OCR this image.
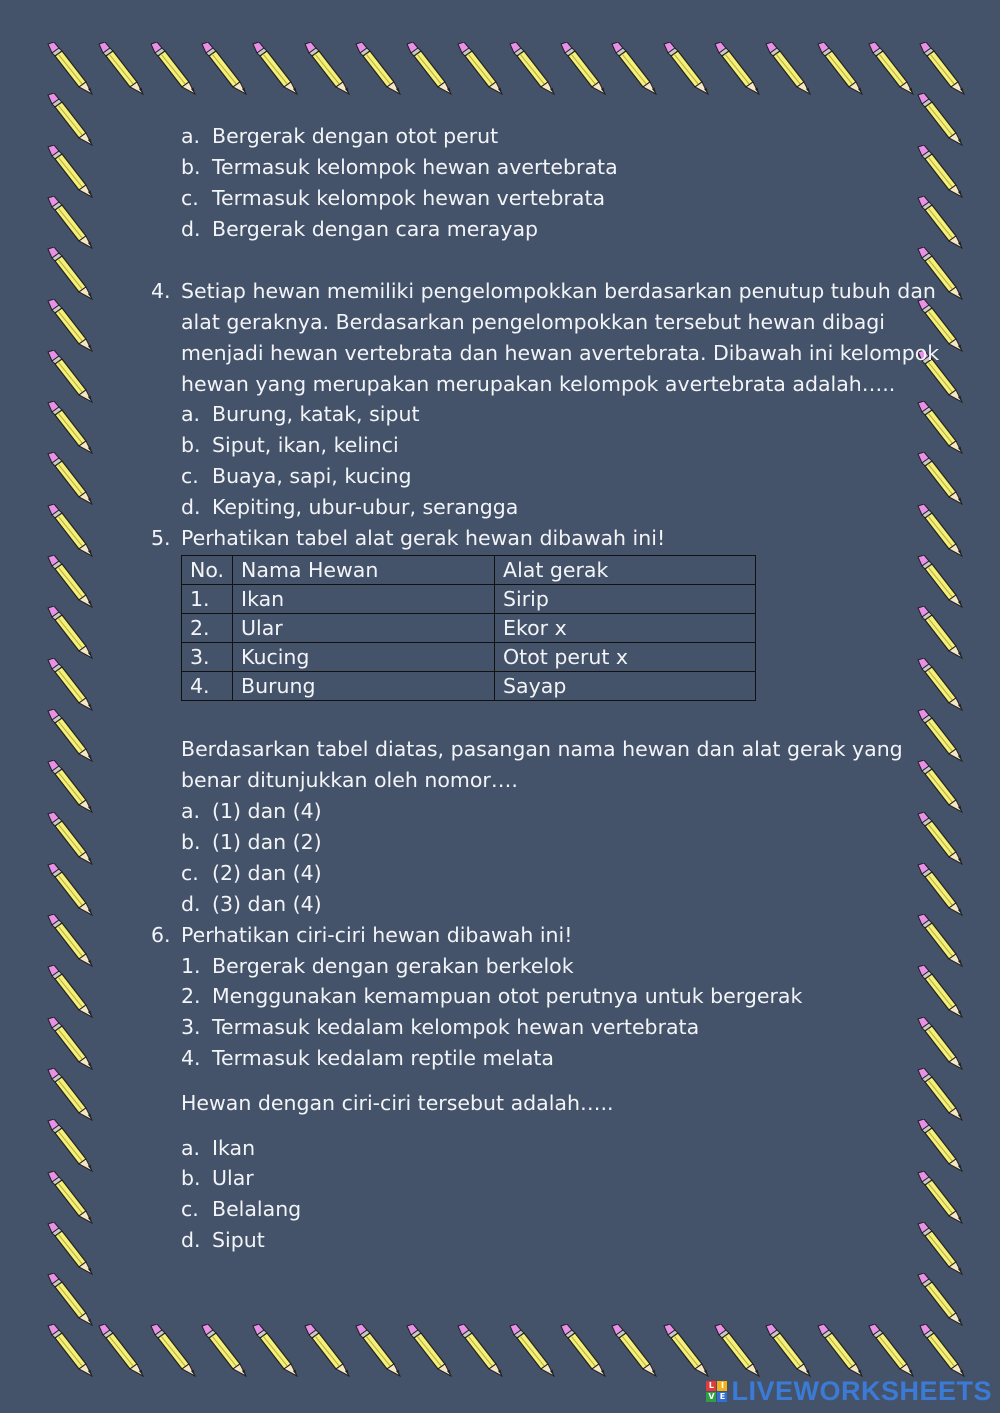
a. Bergerak dengan otot perut
b. Termasuk kelompok hewan avertebrata
c. Termasuk kelompok hewan vertebrata
d. Bergerak dengan cara merayap
4. Setiap hewan memiliki pengelompokkan berdasarkan penutup tubuh dan
alat geraknya. Berdasarkan pengelompokkan tersebut hewan dibagi
menjadi hewan vertebrata dan hewan avertebrata. Dibawah ini kelompok
hewan yang merupakan merupakan kelompok avertebrata adalah…..
a. Burung, katak, siput
b. Siput, ikan, kelinci
c. Buaya, sapi, kucing
d. Kepiting, ubur-ubur, serangga
5. Perhatikan tabel alat gerak hewan dibawah ini!
No.	Nama Hewan	Alat gerak
1.	Ikan	Sirip
2.	Ular	Ekor x
3.	Kucing	Otot perut x
4.	Burung	Sayap
Berdasarkan tabel diatas, pasangan nama hewan dan alat gerak yang
benar ditunjukkan oleh nomor….
a. (1) dan (4)
b. (1) dan (2)
c. (2) dan (4)
d. (3) dan (4)
6. Perhatikan ciri-ciri hewan dibawah ini!
1. Bergerak dengan gerakan berkelok
2. Menggunakan kemampuan otot perutnya untuk bergerak
3. Termasuk kedalam kelompok hewan vertebrata
4. Termasuk kedalam reptile melata
Hewan dengan ciri-ciri tersebut adalah…..
a. Ikan
b. Ular
c. Belalang
d. Siput
L I
V E LIVEWORKSHEETS
